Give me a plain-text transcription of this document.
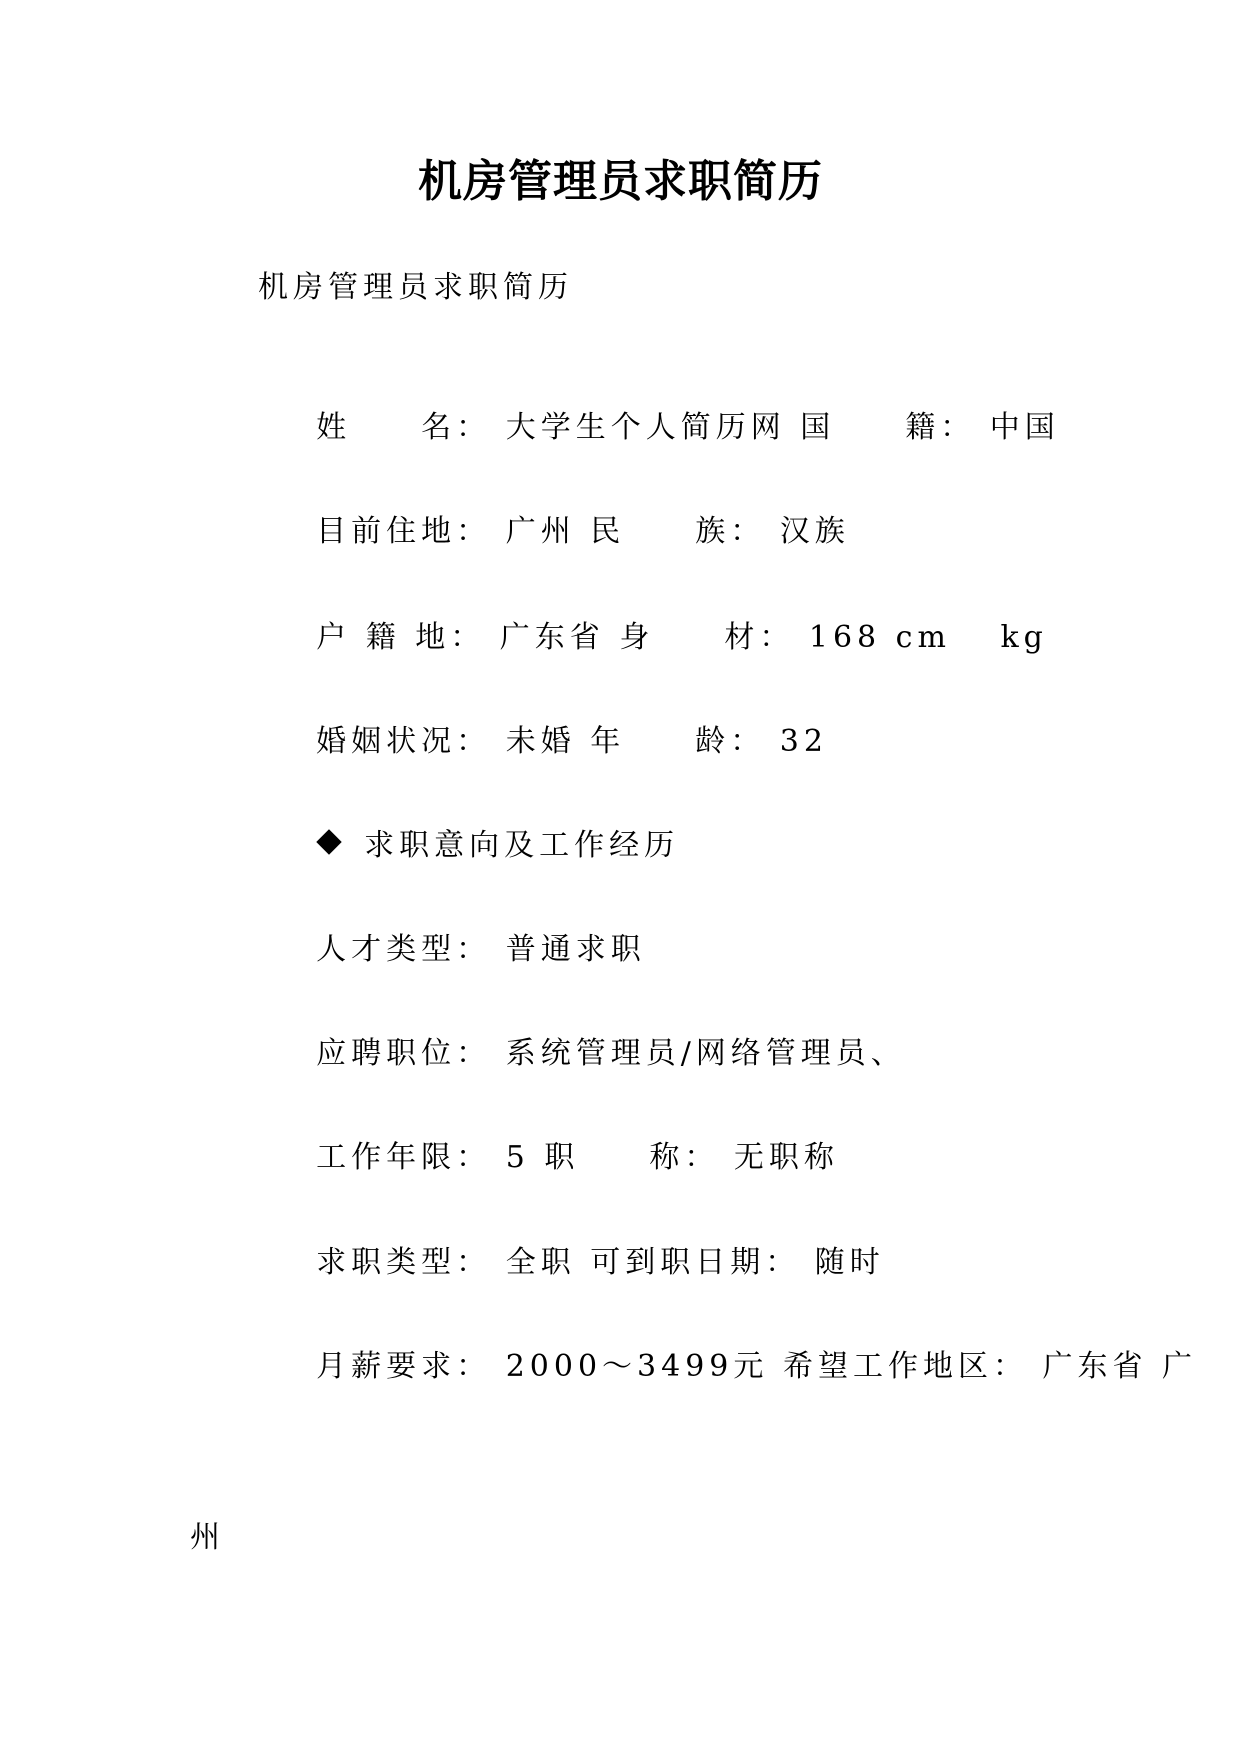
机房管理员求职简历
机房管理员求职简历

姓　　名： 大学生个人简历网 国　　籍： 中国

目前住地： 广州 民　　族： 汉族

户 籍 地： 广东省 身　　材： 168 cm　 kg

婚姻状况： 未婚 年　　龄： 32

求职意向及工作经历

人才类型： 普通求职

应聘职位： 系统管理员/网络管理员、

工作年限： 5 职　　称： 无职称

求职类型： 全职 可到职日期： 随时

月薪要求： 2000～3499元 希望工作地区： 广东省 广

州
